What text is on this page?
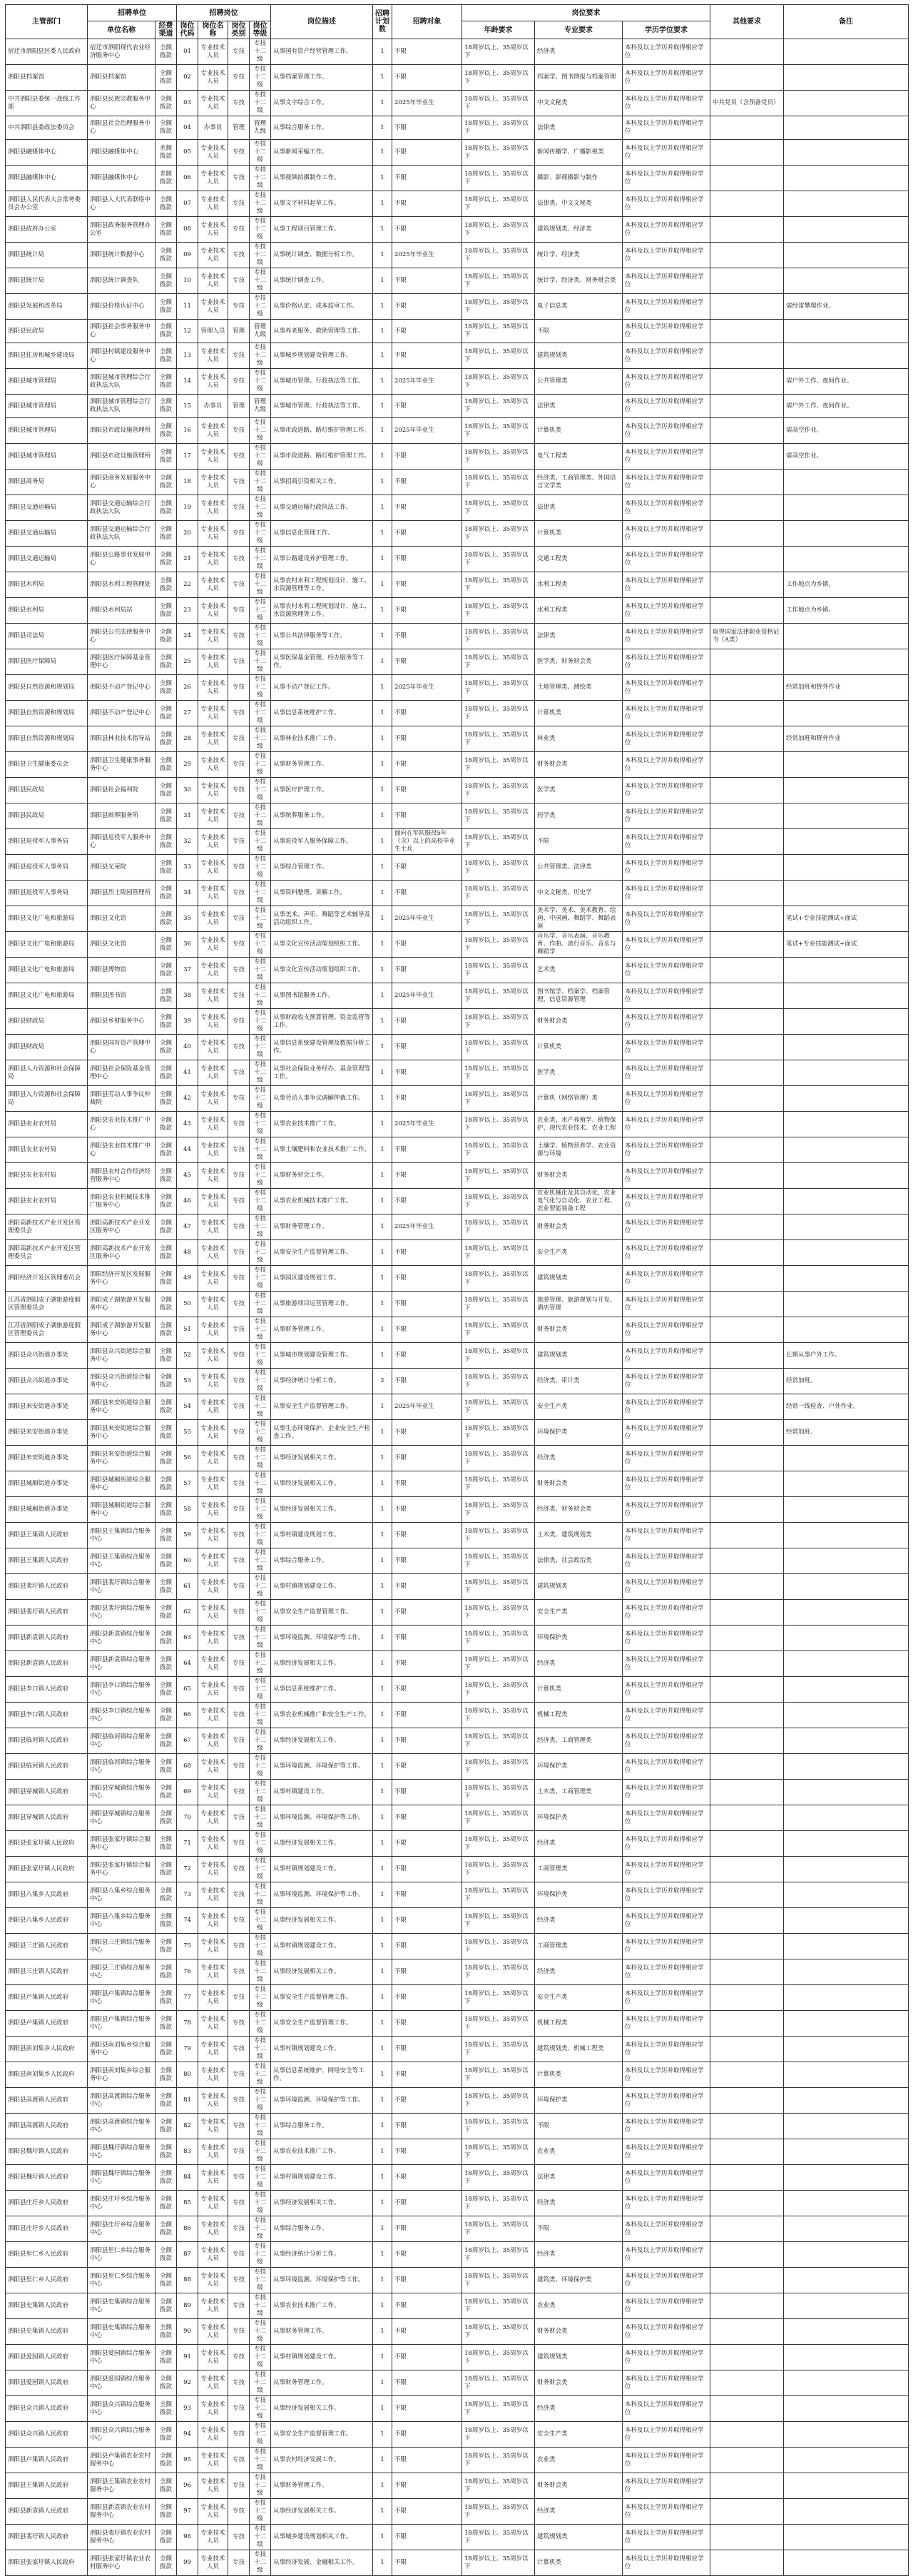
主管部门	招聘单位		招聘岗位				岗位描述	招聘计划数	招聘对象	岗位要求			其他要求	备注
	单位名称	经费渠道	岗位代码	岗位名称	岗位类别	岗位等级				年龄要求	专业要求	学历学位要求		
宿迁市泗阳县区委人民政府	宿迁市泗阳现代农业经济服务中心	全额拨款	01	专业技术人员	专技	专技十二级	从事国有资产经营管理工作。	1	不限	18周岁以上、35周岁以下	经济类	本科及以上学历并取得相应学位		
泗阳县档案馆	泗阳县档案馆	全额拨款	02	专业技术人员	专技	专技十二级	从事档案管理工作。	1	不限	18周岁以上、35周岁以下	档案学、图书情报与档案管理	本科及以上学历并取得相应学位		
中共泗阳县委统一战线工作部	泗阳县民族宗教服务中心	全额拨款	03	专业技术人员	专技	专技十二级	从事文字综合工作。	1	2025年毕业生	18周岁以上、35周岁以下	中文文秘类	本科及以上学历并取得相应学位	中共党员（含预备党员）	
中共泗阳县委政法委员会	泗阳县社会治理服务中心	全额拨款	04	办事员	管理	管理九级	从事综合服务工作。	1	不限	18周岁以上、35周岁以下	法律类	本科及以上学历并取得相应学位		
泗阳县融媒体中心	泗阳县融媒体中心	差额拨款	05	专业技术人员	专技	专技十二级	从事新闻采编工作。	1	不限	18周岁以上、35周岁以下	新闻传播学、广播影视类	本科及以上学历并取得相应学位		
泗阳县融媒体中心	泗阳县融媒体中心	差额拨款	06	专业技术人员	专技	专技十二级	从事视频拍摄制作工作。	1	不限	18周岁以上、35周岁以下	摄影、影视摄影与制作	本科及以上学历并取得相应学位		
泗阳县人民代表大会常务委员会办公室	泗阳县人大代表联络中心	全额拨款	07	专业技术人员	专技	专技十二级	从事文字材料起草工作。	1	不限	18周岁以上、35周岁以下	法律类、中文文秘类	本科及以上学历并取得相应学位		
泗阳县政府办公室	泗阳县政务服务管理办公室	全额拨款	08	专业技术人员	专技	专技十二级	从事工程项目管理工作。	1	不限	18周岁以上、35周岁以下	建筑规划类、经济类	本科及以上学历并取得相应学位		
泗阳县统计局	泗阳县统计数据中心	全额拨款	09	专业技术人员	专技	专技十二级	从事统计调查、数据分析工作。	1	2025年毕业生	18周岁以上、35周岁以下	统计学、经济类	本科及以上学历并取得相应学位		
泗阳县统计局	泗阳县统计调查队	全额拨款	10	专业技术人员	专技	专技十二级	从事统计调查工作。	1	不限	18周岁以上、35周岁以下	统计学、经济类、财务财会类	本科及以上学历并取得相应学位		
泗阳县发展和改革局	泗阳县价格认证中心	全额拨款	11	专业技术人员	专技	专技十二级	从事价格认定、成本监审工作。	1	不限	18周岁以上、35周岁以下	电子信息类	本科及以上学历并取得相应学位		需经常攀爬作业。
泗阳县民政局	泗阳县社会事务服务中心	全额拨款	12	管理人员	管理	管理九级	从事养老服务、救助管理等工作。	1	不限	18周岁以上、35周岁以下	不限	本科及以上学历并取得相应学位		
泗阳县住房和城乡建设局	泗阳县村镇建设服务中心	全额拨款	13	专业技术人员	专技	专技十二级	从事城乡规划建设管理工作。	1	不限	18周岁以上、35周岁以下	建筑规划类	本科及以上学历并取得相应学位		
泗阳县城市管理局	泗阳县城市管理综合行政执法大队	全额拨款	14	专业技术人员	专技	专技十二级	从事城市管理、行政执法等工作。	1	2025年毕业生	18周岁以上、35周岁以下	公共管理类	本科及以上学历并取得相应学位		需户外工作、夜间作业。
泗阳县城市管理局	泗阳县城市管理综合行政执法大队	全额拨款	15	办事员	管理	管理九级	从事城市管理、行政执法等工作。	1	不限	18周岁以上、35周岁以下	法律类	本科及以上学历并取得相应学位		需户外工作、夜间作业。
泗阳县城市管理局	泗阳县市政设施管理所	全额拨款	16	专业技术人员	专技	专技十二级	从事市政道路、路灯维护管理工作。	1	2025年毕业生	18周岁以上、35周岁以下	计算机类	本科及以上学历并取得相应学位		需高空作业。
泗阳县城市管理局	泗阳县市政设施管理所	全额拨款	17	专业技术人员	专技	专技十二级	从事市政道路、路灯维护管理工作。	1	不限	18周岁以上、35周岁以下	电气工程类	本科及以上学历并取得相应学位		需高空作业。
泗阳县商务局	泗阳县商务发展服务中心	全额拨款	18	专业技术人员	专技	专技十二级	从事招商引资相关工作。	1	不限	18周岁以上、35周岁以下	经济类、工商管理类、外国语言文学类	本科及以上学历并取得相应学位		
泗阳县交通运输局	泗阳县交通运输综合行政执法大队	全额拨款	19	专业技术人员	专技	专技十二级	从事交通运输行政执法工作。	1	不限	18周岁以上、35周岁以下	法律类	本科及以上学历并取得相应学位		
泗阳县交通运输局	泗阳县交通运输综合行政执法大队	全额拨款	20	专业技术人员	专技	专技十二级	从事信息化管理工作。	1	不限	18周岁以上、35周岁以下	计算机类	本科及以上学历并取得相应学位		
泗阳县交通运输局	泗阳县公路事业发展中心	全额拨款	21	专业技术人员	专技	专技十二级	从事公路建设养护管理工作。	1	不限	18周岁以上、35周岁以下	交通工程类	本科及以上学历并取得相应学位		
泗阳县水利局	泗阳县水利工程管理处	全额拨款	22	专业技术人员	专技	专技十二级	从事农村水利工程规划设计、施工、水资源管理等工作。	1	不限	18周岁以上、35周岁以下	水利工程类	本科及以上学历并取得相应学位		工作地点为乡镇。
泗阳县水利局	泗阳县水利局站	全额拨款	23	专业技术人员	专技	专技十二级	从事农村水利工程规划设计、施工、水资源管理等工作。	1	不限	18周岁以上、35周岁以下	水利工程类	本科及以上学历并取得相应学位		工作地点为乡镇。
泗阳县司法局	泗阳县公共法律服务中心	全额拨款	24	专业技术人员	专技	专技十二级	从事公共法律服务等工作。	1	不限	18周岁以上、35周岁以下	法律类	本科及以上学历并取得相应学位	取得国家法律职业资格证书（A类）	
泗阳县医疗保障局	泗阳县医疗保障基金管理中心	全额拨款	25	专业技术人员	专技	专技十二级	从事医保基金管理、经办服务等工作。	1	不限	18周岁以上、35周岁以下	医学类、财务财会类	本科及以上学历并取得相应学位		
泗阳县自然资源和规划局	泗阳县不动产登记中心	全额拨款	26	专业技术人员	专技	专技十二级	从事不动产登记工作。	1	2025年毕业生	18周岁以上、35周岁以下	土地管理类、测绘类	本科及以上学历并取得相应学位		经常加班和野外作业
泗阳县自然资源和规划局	泗阳县不动产登记中心	全额拨款	27	专业技术人员	专技	专技十二级	从事信息系统维护工作。	1	不限	18周岁以上、35周岁以下	计算机类	本科及以上学历并取得相应学位		
泗阳县自然资源和规划局	泗阳县林业技术指导站	全额拨款	28	专业技术人员	专技	专技十二级	从事林业技术推广工作。	1	不限	18周岁以上、35周岁以下	林业类	本科及以上学历并取得相应学位		经常加班和野外作业
泗阳县卫生健康委员会	泗阳县卫生健康事务服务中心	全额拨款	29	专业技术人员	专技	专技十二级	从事财务管理工作。	1	不限	18周岁以上、35周岁以下	财务财会类	本科及以上学历并取得相应学位		
泗阳县民政局	泗阳县社会福利院	全额拨款	30	专业技术人员	专技	专技十二级	从事医疗护理工作。	1	不限	18周岁以上、35周岁以下	医学类	本科及以上学历并取得相应学位		
泗阳县民政局	泗阳县殡葬服务所	全额拨款	31	专业技术人员	专技	专技十二级	从事殡葬服务工作。	1	不限	18周岁以上、35周岁以下	药学类	本科及以上学历并取得相应学位		
泗阳县退役军人事务局	泗阳县退役军人服务中心	全额拨款	32	专业技术人员	专技	专技十二级	从事退役军人服务保障工作。	1	面向在军队服役5年（含）以上的高校毕业生士兵	18周岁以上、35周岁以下	不限	本科及以上学历并取得相应学位		
泗阳县退役军人事务局	泗阳县光荣院	全额拨款	33	专业技术人员	专技	专技十二级	从事综合管理工作。	1	不限	18周岁以上、35周岁以下	公共管理类、法律类	本科及以上学历并取得相应学位		
泗阳县退役军人事务局	泗阳县烈士陵园管理所	全额拨款	34	专业技术人员	专技	专技十二级	从事资料整理、讲解工作。	1	不限	18周岁以上、35周岁以下	中文文秘类、历史学	本科及以上学历并取得相应学位		
泗阳县文化广电和旅游局	泗阳县文化馆	全额拨款	35	专业技术人员	专技	专技十二级	从事美术、声乐、舞蹈等艺术辅导及活动组织工作。	1	2025年毕业生	18周岁以上、35周岁以下	美术学、美术、美术教育、绘画、中国画、舞蹈学、舞蹈表演	本科及以上学历并取得相应学位		笔试+专业技能测试+面试
泗阳县文化广电和旅游局	泗阳县文化馆	全额拨款	36	专业技术人员	专技	专技十二级	从事文化宣传活动策划组织工作。	1	不限	18周岁以上、35周岁以下	音乐学、音乐表演、音乐教育、作曲、流行音乐、音乐与舞蹈学	本科及以上学历并取得相应学位		笔试+专业技能测试+面试
泗阳县文化广电和旅游局	泗阳县博物馆	全额拨款	37	专业技术人员	专技	专技十二级	从事文化宣传活动策划组织工作。	1	不限	18周岁以上、35周岁以下	艺术类	本科及以上学历并取得相应学位		
泗阳县文化广电和旅游局	泗阳县图书馆	全额拨款	38	专业技术人员	专技	专技十二级	从事图书馆服务工作。	1	2025年毕业生	18周岁以上、35周岁以下	图书馆学、档案学、档案管理、信息资源管理	本科及以上学历并取得相应学位		
泗阳县财政局	泗阳县乡财服务中心	全额拨款	39	专业技术人员	专技	专技十二级	从事财政收支预算管理、资金监管等工作。	1	不限	18周岁以上、35周岁以下	财务财会类	本科及以上学历并取得相应学位		
泗阳县财政局	泗阳县国有资产管理中心	全额拨款	40	专业技术人员	专技	专技十二级	从事信息系统建设管理及数据分析工作。	1	不限	18周岁以上、35周岁以下	计算机类	本科及以上学历并取得相应学位		
泗阳县人力资源和社会保障局	泗阳县社会保险基金管理中心	全额拨款	41	专业技术人员	专技	专技十二级	从事社会保险业务经办、基金管理等工作。	1	不限	18周岁以上、35周岁以下	医学类	本科及以上学历并取得相应学位		
泗阳县人力资源和社会保障局	泗阳县劳动人事争议仲裁院	全额拨款	42	专业技术人员	专技	专技十二级	从事劳动人事争议调解仲裁工作。	1	不限	18周岁以上、35周岁以下	计算机（网络管理）类	本科及以上学历并取得相应学位		
泗阳县农业农村局	泗阳县农业技术推广中心	全额拨款	43	专业技术人员	专技	专技十二级	从事农业技术推广工作。	1	2025年毕业生	18周岁以上、35周岁以下	农业类、水产养殖学、植物保护、现代农业技术、农业工程	本科及以上学历并取得相应学位		
泗阳县农业农村局	泗阳县农业技术推广中心	全额拨款	44	专业技术人员	专技	专技十二级	从事土壤肥料和农业技术推广工作。	1	不限	18周岁以上、35周岁以下	土壤学、植物营养学、农业资源与环境	本科及以上学历并取得相应学位		
泗阳县农业农村局	泗阳县农村合作经济经营服务中心	全额拨款	45	专业技术人员	专技	专技十二级	从事财务财会工作。	1	不限	18周岁以上、35周岁以下	财务财会类	本科及以上学历并取得相应学位		
泗阳县农业农村局	泗阳县农业机械技术推广服务中心	全额拨款	46	专业技术人员	专技	专技十二级	从事农业机械技术推广工作。	1	不限	18周岁以上、35周岁以下	农业机械化及其自动化、农业电气化与自动化、农业工程、农业智能装备工程	本科及以上学历并取得相应学位		
泗阳高新技术产业开发区管理委员会	泗阳高新技术产业开发区服务中心	全额拨款	47	专业技术人员	专技	专技十二级	从事财务管理工作。	1	2025年毕业生	18周岁以上、35周岁以下	财务财会类	本科及以上学历并取得相应学位		
泗阳高新技术产业开发区管理委员会	泗阳高新技术产业开发区服务中心	全额拨款	48	专业技术人员	专技	专技十二级	从事安全生产监督管理工作。	1	不限	18周岁以上、35周岁以下	安全生产类	本科及以上学历并取得相应学位		
泗阳经济开发区管理委员会	泗阳经济开发区发展服务中心	全额拨款	49	专业技术人员	专技	专技十二级	从事园区建设规划工作。	1	不限	18周岁以上、35周岁以下	建筑规划类	本科及以上学历并取得相应学位		
江苏省泗阳成子湖旅游度假区管理委员会	泗阳成子湖旅游开发服务中心	全额拨款	50	专业技术人员	专技	专技十二级	从事旅游项目运营管理工作。	1	不限	18周岁以上、35周岁以下	旅游管理、旅游规划与开发、酒店管理	本科及以上学历并取得相应学位		
江苏省泗阳成子湖旅游度假区管理委员会	泗阳成子湖旅游开发服务中心	全额拨款	51	专业技术人员	专技	专技十二级	从事财务管理工作。	1	不限	18周岁以上、35周岁以下	财务财会类	本科及以上学历并取得相应学位		
泗阳县众兴街道办事处	泗阳县众兴街道综合服务中心	全额拨款	52	专业技术人员	专技	专技十二级	从事城市规划建设管理工作。	1	不限	18周岁以上、35周岁以下	建筑规划类	本科及以上学历并取得相应学位		长期从事户外工作。
泗阳县众兴街道办事处	泗阳县众兴街道综合服务中心	全额拨款	53	专业技术人员	专技	专技十二级	从事经济统计分析工作。	2	不限	18周岁以上、35周岁以下	经济类、审计类	本科及以上学历并取得相应学位		经常加班。
泗阳县来安街道办事处	泗阳县来安街道综合服务中心	全额拨款	54	专业技术人员	专技	专技十二级	从事安全生产监督管理工作。	1	2025年毕业生	18周岁以上、35周岁以下	安全生产类	本科及以上学历并取得相应学位		经常一线检查、户外作业。
泗阳县来安街道办事处	泗阳县来安街道综合服务中心	全额拨款	55	专业技术人员	专技	专技十二级	从事生态环境保护、企业安全生产检查工作。	1	不限	18周岁以上、35周岁以下	环境保护类	本科及以上学历并取得相应学位		经常加班。
泗阳县来安街道办事处	泗阳县来安街道综合服务中心	全额拨款	56	专业技术人员	专技	专技十二级	从事经济发展相关工作。	1	不限	18周岁以上、35周岁以下	经济类	本科及以上学历并取得相应学位		
泗阳县城厢街道办事处	泗阳县城厢街道综合服务中心	全额拨款	57	专业技术人员	专技	专技十二级	从事经济发展相关工作。	1	不限	18周岁以上、35周岁以下	财务财会类	本科及以上学历并取得相应学位		
泗阳县城厢街道办事处	泗阳县城厢街道综合服务中心	全额拨款	58	专业技术人员	专技	专技十二级	从事经济发展相关工作。	1	不限	18周岁以上、35周岁以下	经济类、财务财会类	本科及以上学历并取得相应学位		
泗阳县王集镇人民政府	泗阳县王集镇综合服务中心	全额拨款	59	专业技术人员	专技	专技十二级	从事村镇建设规划工作。	1	不限	18周岁以上、35周岁以下	土木类、建筑规划类	本科及以上学历并取得相应学位		
泗阳县王集镇人民政府	泗阳县王集镇综合服务中心	全额拨款	60	专业技术人员	专技	专技十二级	从事综合服务工作。	1	不限	18周岁以上、35周岁以下	法律类、社会政治类	本科及以上学历并取得相应学位		
泗阳县裴圩镇人民政府	泗阳县裴圩镇综合服务中心	全额拨款	61	专业技术人员	专技	专技十二级	从事村镇规划建设工作。	1	不限	18周岁以上、35周岁以下	建筑规划类	本科及以上学历并取得相应学位		
泗阳县裴圩镇人民政府	泗阳县裴圩镇综合服务中心	全额拨款	62	专业技术人员	专技	专技十二级	从事安全生产监督管理工作。	1	不限	18周岁以上、35周岁以下	安全生产类	本科及以上学历并取得相应学位		
泗阳县新袁镇人民政府	泗阳县新袁镇综合服务中心	全额拨款	63	专业技术人员	专技	专技十二级	从事环境监测、环境保护等工作。	1	不限	18周岁以上、35周岁以下	环境保护类	本科及以上学历并取得相应学位		
泗阳县新袁镇人民政府	泗阳县新袁镇综合服务中心	全额拨款	64	专业技术人员	专技	专技十二级	从事经济发展相关工作。	1	不限	18周岁以上、35周岁以下	经济类	本科及以上学历并取得相应学位		
泗阳县李口镇人民政府	泗阳县李口镇综合服务中心	全额拨款	65	专业技术人员	专技	专技十二级	从事信息系统维护工作。	1	不限	18周岁以上、35周岁以下	计算机类	本科及以上学历并取得相应学位		
泗阳县李口镇人民政府	泗阳县李口镇综合服务中心	全额拨款	66	专业技术人员	专技	专技十二级	从事农业机械推广和安全生产工作。	1	不限	18周岁以上、35周岁以下	机械工程类	本科及以上学历并取得相应学位		
泗阳县临河镇人民政府	泗阳县临河镇综合服务中心	全额拨款	67	专业技术人员	专技	专技十二级	从事经济发展相关工作。	1	不限	18周岁以上、35周岁以下	经济类、工商管理类	本科及以上学历并取得相应学位		
泗阳县临河镇人民政府	泗阳县临河镇综合服务中心	全额拨款	68	专业技术人员	专技	专技十二级	从事环境监测、环境保护等工作。	1	不限	18周岁以上、35周岁以下	环境保护类	本科及以上学历并取得相应学位		
泗阳县穿城镇人民政府	泗阳县穿城镇综合服务中心	全额拨款	69	专业技术人员	专技	专技十二级	从事村镇建设工作。	1	不限	18周岁以上、35周岁以下	土木类、工商管理类	本科及以上学历并取得相应学位		
泗阳县穿城镇人民政府	泗阳县穿城镇综合服务中心	全额拨款	70	专业技术人员	专技	专技十二级	从事环境监测、环境保护等工作。	1	不限	18周岁以上、35周岁以下	环境保护类	本科及以上学历并取得相应学位		
泗阳县张家圩镇人民政府	泗阳县张家圩镇综合服务中心	全额拨款	71	专业技术人员	专技	专技十二级	从事经济发展相关工作。	1	不限	18周岁以上、35周岁以下	经济类	本科及以上学历并取得相应学位		
泗阳县张家圩镇人民政府	泗阳县张家圩镇综合服务中心	全额拨款	72	专业技术人员	专技	专技十二级	从事村镇规划建设工作。	1	不限	18周岁以上、35周岁以下	工商管理类	本科及以上学历并取得相应学位		
泗阳县八集乡人民政府	泗阳县八集乡综合服务中心	全额拨款	73	专业技术人员	专技	专技十二级	从事环境监测、环境保护等工作。	1	不限	18周岁以上、35周岁以下	环境保护类	本科及以上学历并取得相应学位		
泗阳县八集乡人民政府	泗阳县八集乡综合服务中心	全额拨款	74	专业技术人员	专技	专技十二级	从事经济发展相关工作。	1	不限	18周岁以上、35周岁以下	经济类	本科及以上学历并取得相应学位		
泗阳县三庄镇人民政府	泗阳县三庄镇综合服务中心	全额拨款	75	专业技术人员	专技	专技十二级	从事村镇规划建设工作。	1	不限	18周岁以上、35周岁以下	工商管理类	本科及以上学历并取得相应学位		
泗阳县三庄镇人民政府	泗阳县三庄镇综合服务中心	全额拨款	76	专业技术人员	专技	专技十二级	从事经济发展相关工作。	1	不限	18周岁以上、35周岁以下	经济类	本科及以上学历并取得相应学位		
泗阳县卢集镇人民政府	泗阳县卢集镇综合服务中心	全额拨款	77	专业技术人员	专技	专技十二级	从事安全生产监督管理工作。	1	不限	18周岁以上、35周岁以下	安全生产类	本科及以上学历并取得相应学位		
泗阳县卢集镇人民政府	泗阳县卢集镇综合服务中心	全额拨款	78	专业技术人员	专技	专技十二级	从事安全生产监督管理工作。	1	不限	18周岁以上、35周岁以下	机械工程类	本科及以上学历并取得相应学位		
泗阳县南刘集乡人民政府	泗阳县南刘集乡综合服务中心	全额拨款	79	专业技术人员	专技	专技十二级	从事村镇规划建设工作。	1	不限	18周岁以上、35周岁以下	建筑规划类、机械工程类	本科及以上学历并取得相应学位		
泗阳县南刘集乡人民政府	泗阳县南刘集乡综合服务中心	全额拨款	80	专业技术人员	专技	专技十二级	从事信息系统维护、网络安全等工作。	1	不限	18周岁以上、35周岁以下	计算机类	本科及以上学历并取得相应学位		
泗阳县高渡镇人民政府	泗阳县高渡镇综合服务中心	全额拨款	81	专业技术人员	专技	专技十二级	从事环境监测、环境保护等工作。	1	不限	18周岁以上、35周岁以下	环境保护类	本科及以上学历并取得相应学位		
泗阳县高渡镇人民政府	泗阳县高渡镇综合服务中心	全额拨款	82	专业技术人员	专技	专技十二级	从事综合服务工作。	1	不限	18周岁以上、35周岁以下	不限	本科及以上学历并取得相应学位		
泗阳县魏圩镇人民政府	泗阳县魏圩镇综合服务中心	全额拨款	83	专业技术人员	专技	专技十二级	从事农业技术推广工作。	1	不限	18周岁以上、35周岁以下	农业类	本科及以上学历并取得相应学位		
泗阳县魏圩镇人民政府	泗阳县魏圩镇综合服务中心	全额拨款	84	专业技术人员	专技	专技十二级	从事村镇规划建设工作。	1	不限	18周岁以上、35周岁以下	法律类	本科及以上学历并取得相应学位		
泗阳县庄圩乡人民政府	泗阳县庄圩乡综合服务中心	全额拨款	85	专业技术人员	专技	专技十二级	从事经济发展相关工作。	1	不限	18周岁以上、35周岁以下	经济类	本科及以上学历并取得相应学位		
泗阳县庄圩乡人民政府	泗阳县庄圩乡综合服务中心	全额拨款	86	专业技术人员	专技	专技十二级	从事综合服务工作。	1	不限	18周岁以上、35周岁以下	不限	本科及以上学历并取得相应学位		
泗阳县里仁乡人民政府	泗阳县里仁乡综合服务中心	全额拨款	87	专业技术人员	专技	专技十二级	从事经济统计分析工作。	1	不限	18周岁以上、35周岁以下	经济类	本科及以上学历并取得相应学位		
泗阳县里仁乡人民政府	泗阳县里仁乡综合服务中心	全额拨款	88	专业技术人员	专技	专技十二级	从事环境监测、环境保护等工作。	1	不限	18周岁以上、35周岁以下	建筑类、环境保护类	本科及以上学历并取得相应学位		
泗阳县史集镇人民政府	泗阳县史集镇综合服务中心	全额拨款	89	专业技术人员	专技	专技十二级	从事农业技术推广工作。	1	不限	18周岁以上、35周岁以下	农业类	本科及以上学历并取得相应学位		
泗阳县史集镇人民政府	泗阳县史集镇综合服务中心	全额拨款	90	专业技术人员	专技	专技十二级	从事财务管理工作。	1	不限	18周岁以上、35周岁以下	财务财会类	本科及以上学历并取得相应学位		
泗阳县爱园镇人民政府	泗阳县爱园镇综合服务中心	全额拨款	91	专业技术人员	专技	专技十二级	从事村镇规划建设工作。	1	不限	18周岁以上、35周岁以下	建筑规划类	本科及以上学历并取得相应学位		
泗阳县爱园镇人民政府	泗阳县爱园镇综合服务中心	全额拨款	92	专业技术人员	专技	专技十二级	从事财务管理工作。	1	不限	18周岁以上、35周岁以下	财务财会类	本科及以上学历并取得相应学位		
泗阳县众兴镇人民政府	泗阳县众兴镇综合服务中心	全额拨款	93	专业技术人员	专技	专技十二级	从事经济发展相关工作。	1	不限	18周岁以上、35周岁以下	经济类	本科及以上学历并取得相应学位		
泗阳县众兴镇人民政府	泗阳县众兴镇综合服务中心	全额拨款	94	专业技术人员	专技	专技十二级	从事安全生产监督管理工作。	1	不限	18周岁以上、35周岁以下	安全生产类	本科及以上学历并取得相应学位		
泗阳县卢集镇人民政府	泗阳县卢集镇农业农村服务中心	全额拨款	95	专业技术人员	专技	专技十二级	从事农村经济发展工作。	1	不限	18周岁以上、35周岁以下	农业类	本科及以上学历并取得相应学位		
泗阳县王集镇人民政府	泗阳县王集镇农业农村服务中心	全额拨款	96	专业技术人员	专技	专技十二级	从事财务管理工作。	1	不限	18周岁以上、35周岁以下	财务财会类	本科及以上学历并取得相应学位		
泗阳县新袁镇人民政府	泗阳县新袁镇农业农村服务中心	全额拨款	97	专业技术人员	专技	专技十二级	从事经济发展相关工作。	1	不限	18周岁以上、35周岁以下	经济类	本科及以上学历并取得相应学位		
泗阳县裴圩镇人民政府	泗阳县裴圩镇农业农村服务中心	全额拨款	98	专业技术人员	专技	专技十二级	从事城乡建设规划相关工作。	1	不限	18周岁以上、35周岁以下	建筑规划类	本科及以上学历并取得相应学位		
泗阳县张家圩镇人民政府	泗阳县张家圩镇农业农村服务中心	全额拨款	99	专业技术人员	专技	专技十二级	从事经济发展、金融相关工作。	1	不限	18周岁以上、35周岁以下	计算机类	本科及以上学历并取得相应学位		
